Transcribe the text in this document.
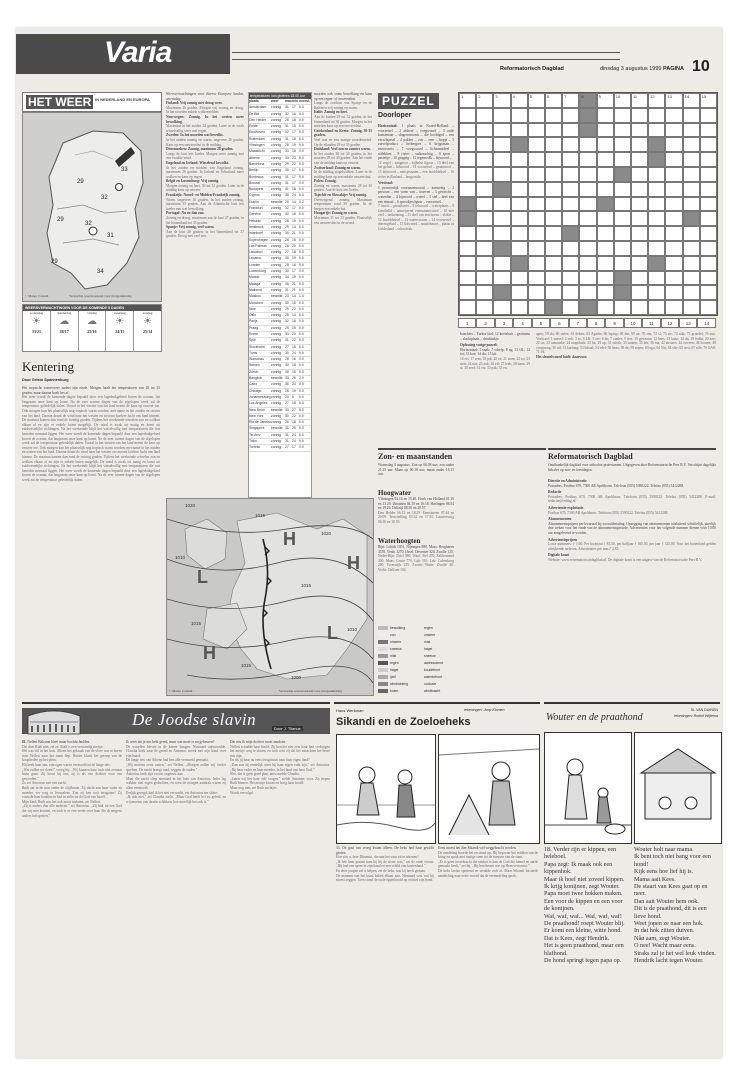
Varia	Reformatorisch Dagblad	dinsdag 3 augustus 1999 PAGINA 10
HET WEER IN NEDERLAND EN EUROPA
33
32
29
29
32
31
34
29
© Meteo Consult	Verwachte weerstoestand voor morgenmiddag
WEERSVERWACHTINGEN VOOR DE KOMENDE 5 DAGEN
woensdag
☀
33/21
donderdag
☁
28/17
vrijdag
☁
25/16
zaterdag
☀
24/15
zondag
☀
25/14
Kentering
Door Gristo Spannenburg
Het tropische zomerweer nadert zijn einde. Morgen haalt het temperaturen van 28 tot 33 graden, maar daarna koelt het af.
Het weer wordt de komende dagen bepaald door een lagedrukgebied boven de oceaan, dat langzaam onze kant op komt. Na de zeer warme dagen van de afgelopen week zal de temperatuur geleidelijk dalen. Vooral in het westen van het land neemt de kans op onweer toe. Ook morgen kan het plaatselijk nog tropisch warm worden, met name in het zuiden en oosten van het land. Daarna draait de wind naar het westen en stroomt koelere lucht ons land binnen. De maxima komen dan rond de twintig graden. Tijdens het weekeinde wisselen zon en wolken elkaar af en zijn er enkele buien mogelijk. De wind is zwak tot matig en komt uit zuidwestelijke richtingen. Na het weekeinde blijft het wisselvallig met temperaturen die wat beneden normaal liggen. Het weer wordt de komende dagen bepaald door een lagedrukgebied boven de oceaan, dat langzaam onze kant op komt. Na de zeer warme dagen van de afgelopen week zal de temperatuur geleidelijk dalen. Vooral in het westen van het land neemt de kans op onweer toe. Ook morgen kan het plaatselijk nog tropisch warm worden, met name in het zuiden en oosten van het land. Daarna draait de wind naar het westen en stroomt koelere lucht ons land binnen. De maxima komen dan rond de twintig graden. Tijdens het weekeinde wisselen zon en wolken elkaar af en zijn er enkele buien mogelijk. De wind is zwak tot matig en komt uit zuidwestelijke richtingen. Na het weekeinde blijft het wisselvallig met temperaturen die wat beneden normaal liggen. Het weer wordt de komende dagen bepaald door een lagedrukgebied boven de oceaan, dat langzaam onze kant op komt. Na de zeer warme dagen van de afgelopen week zal de temperatuur geleidelijk dalen.
Weersverwachtingen voor diverse Europese landen, woensdag
Finland: Vrij zonnig met droog weer.
Maximum 26 graden. Morgen vrij zonnig en droog. In het noorden enkele wolkenvelden.
Noorwegen: Zonnig. In het westen meer bewolking.
Maximum in het zuiden 24 graden. Later in de week wisselvallig weer met regen.
Zweden: In het noorden wat bewolkt.
In het zuiden zonnig en warm, ongeveer 26 graden. Kans op een onweersbui in de middag.
Denemarken: Zonnig, maximum 28 graden.
Langs de kust iets koeler. Morgen weer zonnig met een zwakke wind.
Engeland en Ierland: Wisselend bewolkt.
In het zuiden en midden van Engeland zonnig, maximum 26 graden. In Ierland en Schotland meer wolken en kans op regen.
België en Luxemburg: Vrij zonnig.
Morgen zonnig en heet, 30 tot 32 graden. Later in de middag kans op onweer.
Frankrijk: Noord- en Midden-Frankrijk zonnig.
Warm, ongeveer 30 graden. In het zuiden zonnig, maximum 35 graden. Aan de Atlantische kust iets koeler met wat bewolking.
Portugal: Nu en dan zon.
Zonnig en droog, maximum aan de kust 27 graden, in het binnenland tot 35 graden.
Spanje: Vrij zonnig, veel warm.
Aan de kust 28 graden, in het binnenland tot 37 graden. Droog met veel zon.
temperaturen van gisteren 18.00 uur
plaats	weer	max min neersl.
Amsterdam	zonnig	31 17 0.0
De Bilt	zonnig	32 16 0.0
Den Helder	zonnig	28 18 0.0
Eelde	zonnig	31 15 0.0
Eindhoven	zonnig	32 17 0.0
Rotterdam	zonnig	31 18 0.0
Vlissingen	zonnig	28 19 0.0
Maastricht	zonnig	33 18 0.0
Athene	zonnig	33 23 0.0
Barcelona	zonnig	29 22 0.0
Berlijn	zonnig	30 17 0.0
Bordeaux	zonnig	31 17 0.0
Brussel	zonnig	31 17 0.0
Budapest	zonnig	31 18 0.0
Cyprus	zonnig	35 24 0.0
Dublin	bewolkt 20 14 0.2
Frankfurt	zonnig	32 17 0.0
Genève	zonnig	30 16 0.0
Helsinki	zonnig	26 15 0.0
Innsbruck	zonnig	29 14 0.0
Istanboel	zonnig	30 21 0.0
Kopenhagen zonnig	26 16 0.0
Las Palmas	zonnig	26 20 0.0
Lissabon	zonnig	27 18 0.0
Locarno	zonnig	30 19 0.0
Londen	zonnig	28 16 0.0
Luxemburg	zonnig	30 17 0.0
Madrid	zonnig	34 19 0.0
Malaga	zonnig	30 21 0.0
Mallorca	zonnig	31 21 0.0
Moskou	bewolkt 23 14 1.0
München	zonnig	30 15 0.0
Nice	zonnig	29 22 0.0
Oslo	zonnig	25 14 0.0
Parijs	zonnig	32 18 0.0
Praag	zonnig	29 15 0.0
Rome	zonnig	33 20 0.0
Split	zonnig	31 22 0.0
Stockholm	zonnig	27 15 0.0
Tunis	zonnig	35 24 0.0
Warschau	zonnig	28 16 0.0
Wenen	zonnig	30 18 0.0
Zürich	zonnig	30 16 0.0
Bangkok	bewolkt 33 26 2.0
Cairo	zonnig	36 24 0.0
Chicago	zonnig	28 19 0.0
Johannesburg zonnig	20 6	0.0
Los Angeles	zonnig	27 18 0.0
New Delhi	bewolkt 33 27 5.0
New York	zonnig	30 22 0.0
Rio de Janeiro zonnig	26 18 0.0
Singapore	bewolkt 31 25 0.0
Tel Aviv	zonnig	31 24 0.0
Tokio	zonnig	31 24 0.0
Toronto	zonnig	27 17 0.0
noorden ook soms bewolking en kans op een regen- of onweersbui.
Langs de oostkust van Spanje en de Balearen vrij zonnig en warm.
Italië: Zonnig en heet.
Aan de kusten 29 tot 32 graden, in het binnenland tot 36 graden. Morgen in het noorden kans op een onweersbui.
Griekenland en Kreta: Zonnig, 30-35 graden.
Veel zon en een matige noordenwind. Op de eilanden 29 tot 33 graden.
Duitsland: Veel zon en zomers warm.
In het zuiden 30 tot 34 graden, in het noorden 28 tot 30 graden. Aan het einde van de middag kans op onweer.
Zwitserland: Zonnig en warm.
In de middag stapelwolken. Later in de middag kans op een enkele onweersbui.
Polen: Zonnig.
Zonnig en warm, maximum 28 tot 30 graden. Aan de kust iets koeler.
Tsjechië en Slowakije: Vrij zonnig.
Overwegend zonnig. Maximum temperatuur rond 30 graden. In de bergen een enkele bui.
Hongarije: Zonnig en warm.
Maximum 31 tot 33 graden. Plaatselijk een onweersbui in de avond.
H
L
H
L
H
1020
1015
1010
1015
1020
1015
1010
1015
1000
© Meteo Consult	Verwachte weerstoestand voor morgenmiddag
PUZZEL
Doorloper
Horizontaal: 1 plaats in Noord-Holland – voorzetsel – 2 afdreef – voegwoord – 3 oude kunstenaar – slagroomwerk – die hoofdgod – een verschijnsel – 4 pakket – zoo – zeer – kopje – 5 zuivelproduct – herbergier – 6 krijgsman – enzovoorts – 7 voegwoord – lichaamsdeel – uitlekken – 8 rivier – suikerachtig – 9 sport – pasteitje – 10 grappig – 11 regenwolk – bijwoord...
12 vogel – zangnoot – bijbelse figuur – 13 deel van het gelaat – lidwoord – 14 voorzetsel – graansoort – 15 bijwoord – meisjesnaam – een hoofddeksel – 16 rivier in Rusland – bergweide.
Verticaal:
1 persoonlijk voornaamwoord – aanwezig – 2 persoon – een vorm van – troeven – 3 gewricht – waterdier – 4 bijwoord – wreed – 5 stel – deel van een etmaal – 6 sprookjesfiguur – voorzetsel...
7 insect – grondsoort – 8 telwoord – waterplaats – 9 familielid – aanwijzend voornaamwoord – 10 niet veel – ontkenning – 11 deel van een boom – vlakte – 12 hoofddeksel – 13 waterstroom – 14 voorzetsel – dierengeluid – 15 lidwoord – muzieknoot – plaats in Gelderland – schoolvak.
1	2	3	4	5	6	7	8	9	10	11	12	13	14	15
1	2	3	4	5	6	7	8	9	10	11	12	13	14
konchets – Turkse titel; 12 koetshuis – gezinnen – slachtplaats – drinkbakje.
Oplossing vorige puzzel:
Horizontaal: 1 snak; 7 schelp; 8 eg; 11 OL; 12 tot; 13 koe; 14 dis; 15 kit.
16 eis; 17 rem; 18 pal; 20 os; 21 stam; 22 zo; 23 sten; 24 uur; 25 aak; 26 elf; 27 leek; 28 haan; 29 si; 30 zeef; 31 ets; 32 pak; 33 en.
apen; 59 do; 60 oolee; 61 deken; 63 Agathe; 66 laptop; 68 the; 69 an; 70 ren; 72 sl; 73 ste; 74 nikt; 75 grondel; 76 sste. Verticaal: 1 snavel; 2 nok; 3 ro; 4 LK; 5 oer; 6 do; 7 cinder; 9 tros; 10 gewezen; 12 hens; 13 kano; 14 du; 19 fedha; 20 arte; 22 on; 23 tamanske; 24 mapsbuik; 25 ba; 29 op; 31 saloth; 33 zaaien; 35 leb; 36 ma; 42 akstavs; 44 eriveen; 46 loonen; 48 oorsprong; 50 nil; 51 karlong; 53 lokaal; 54 edel; 56 beaa; 58 de; 59 sepen; 60 ego; 62 Nir; 64 vlie; 65 treu; 67 nile; 70 OAS; 71 IA.
Het sleutelwoord luidt: daarvoor.
Zon- en maanstanden
Woensdag 4 augustus. Zon op 06.08 uur; zon onder 21.25 uur. Maan op 00.18 uur; maan onder 16.15 uur.
Hoogwater
Vlissingen 03.14 en 15.40. Hoek van Holland 01.16 en 13.29. IJmuiden 04.10 en 16.18. Harlingen 06.54 en 19.26. Delfzijl 08.30 en 20.57.
Den Helder 06.13 en 18.29. Eemshaven 07.44 en 20.09. Terschelling 05.32 en 17.55. Lauwersoog 06.36 en 18.59.
Waterhoogten
Rijn: Lobith 1051, Nijmegen 880. Maas: Borgharen 4370, Venlo 1270. IJssel: Deventer 320, Zwolle 125.
Neder-Rijn: Driel 980. Waal: Tiel 470, Zaltbommel 300. Maas: Grave 770, Lith 310. Lek: Culemborg 280, Vreeswijk 235. Zwarte Water: Zwolle 40. Vecht: Dalfsen 104.
bewolking	regen
zon	onweer
onweer	mist
sneeuw	hagel
mist	sneeuw
regen	aanhoudend
hagel	koudefront
ijzel	warmtefront
windrichting	occlusie
buien	windkracht
Reformatorisch Dagblad
Onafhankelijk dagblad voor orthodox-protestanten. Uitgegeven door Reformatorische Pers B.V. Verschijnt dagelijks behalve op zon- en feestdagen.
Directie en Administratie
Postadres: Postbus 670, 7300 AR Apeldoorn. Telefoon (055) 5390222. Telefax (055) 5412288.
Redactie
Postadres: Postbus 670, 7300 AR Apeldoorn. Telefoon (055) 5390222. Telefax (055) 5412288. E-mail: redactie@refdag.nl
Advertentie-exploitatie
Postbus 670, 7300 AR Apeldoorn. Telefoon (055) 5390222. Telefax (055) 5412288.
Abonnementen
Abonnementsprijzen per kwartaal bij vooruitbetaling. Opzegging van abonnementen uitsluitend schriftelijk, uiterlijk drie weken voor het einde van de abonnementsperiode. Advertenties voor het volgende nummer dienen vóór 10.00 uur aangeleverd te worden.
Advertentieprijzen
Losse nummers: ƒ 1,60. Per kwartaal ƒ 83,50, per halfjaar ƒ 165,50, per jaar ƒ 325,00. Voor het buitenland gelden afwijkende tarieven. Advertenties per mm ƒ 2,85.
Digitale krant
Website: www.reformatorischdagblad.nl. De digitale krant is een uitgave van de Reformatorische Pers B.V.
De Joodse slavin	Door J. Tilanus
81. Nelleri Balonne bleef maar hoofdschudden.
Dat doet Ruth niet, zei ze. Ruth is een verstandig meisje.
Het was stil in het huis. Alleen het gekraak van de vloer was te horen toen Nelleri naar het raam liep. Buiten klonk het geroep van de kooplieden op het plein.
Hij keek haar aan, zijn ogen waren vermoeid na de lange reis.
„Wat zullen we doen?" vroeg hij. „Wij kunnen haar toch niet zomaar laten gaan. Zij hoort bij ons, zij is als een dochter voor ons geworden."
Zo zei Antonius met een zucht.
Ruth zat in de tuin onder de olijfboom. Zij dacht aan haar vader en moeder, ver weg in Jeruzalem. Zou zij hen ooit terugzien? Zij vouwde haar handen en bad in stilte tot de God van Israël.
Mijn kind, Ruth zou het ook nooit toelaten, zei Nelleri.
„Zij is anders dan alle anderen," zei Antonius. „Zij bidt tot een God die wij niet kennen, en toch is er een vrede over haar die ik nergens anders heb gezien."
Ik weet dat je ons hebt gered, maar wat moet er nu gebeuren?
De woorden bleven in de kamer hangen. Niemand antwoordde. Claudia keek naar de grond en Antonius streek met zijn hand over zijn baard.
De lange reis van Athene had hen alle vermoeid gemaakt.
„Wij moeten eerst rusten," zei Nelleri. „Morgen zullen wij verder spreken. De nacht brengt raad, zeggen de ouden."
Antonius keek zijn vrouw ongerust aan.
Maar die nacht sliep niemand in het huis van Antonius. Ieder lag wakker met eigen gedachten, en toen de morgen aanbrak waren zij allen vermoeid.
Eerlijk gezegd, had ik het niet verwacht, zei Antonius ten slotte.
„Ik ook niet," zei Claudia zacht. „Maar God heeft het zo geleid, en wij moeten ons daarin schikken, hoe moeilijk het ook is."
Dat zou ik mijn dochter nooit aandoen.
Nelleri schudde haar hoofd. Zij kon het niet over haar hart verkrijgen het meisje weg te sturen, en toch wist zij dat het misschien het beste zou zijn.
En als jij haar nu eens terugstuurt naar haar eigen land?
„Dan zou zij eindelijk weer bij haar eigen volk zijn," zei Antonius. „Bij haar vader en haar moeder, in het land van haar God."
Nee, dat is geen goed plan, antwoordde Claudia.
„Laten wij het haar zelf vragen," stelde Antonius voor. Zij riepen Ruth binnen. Het meisje kwam en boog haar hoofd.
Maar nog niet, zei Ruth zachtjes.
Wordt vervolgd.
Hans Werkman	tekeningen: Joop Klomen
Sikandi en de Zoeloeheks
33. De gast van vroeg kwam alleen. De heks had haar gezicht gezien.
Hoe ziet u, heer Dhamini, die aan het vuur zit te tekenen?
„Ik heb hem gezien toen hij bij de rivier was," zei de oude vrouw. „Hij had een speer in zijn hand en een schild van koeienhuid."
En deze jongen zal u helpen, zei de heks, wat hij heeft gedaan.
De mannen van het kraal keken elkaar aan. Niemand wist wat hij moest zeggen. Toen stond de oude opperhoofd op en hief zijn hand.
Eerst moest het dier Sikandi wel weggebracht worden.
De zendeling hoorde het en stond op. Hij liep naar het midden van de kring en sprak met rustige stem tot de mensen van de stam.
„Er is geen toverkracht die sterker is dan de God die hemel en aarde gemaakt heeft," zei hij. „Hij beschermt wie op Hem vertrouwt."
De heks lachte spottend en wendde zich af. Maar Sikandi luisterde aandachtig naar ieder woord dat de vreemdeling sprak.
Wouter en de praathond
SI. VAN DUINEN
tekeningen: Roelof Wijtema
18. Verder rijn er kippen, een heleboel.
Papa zegt: Ik maak ook een kippenhok.
Maar ik hoef niet zoveel kippen.
Ik krijg konijnen, zegt Wouter.
Papa moet twee hokken maken.
Een voor de kippen en een voor de konijnen.
Waf, waf, waf... Waf, waf, waf!
De praathond! roept Wouter blij.
Er komt een kleine, witte hond.
Dat is Kees, zegt Hendrik.
Het is geen praathond, maar een blafhond.
De hond springt tegen papa op.
Wouter holt naar mama.
Ik bent toch niet bang voor een hond!
Kijk eens hoe lief hij is.
Mama aait Kees.
De staart van Kees gaat op en neer.
Dan aait Wouter hem ook.
Dit is de praathond, dit is een lieve hond.
Weet jopen ze naar een hok.
In dat hok zitten duiven.
Nåø aam, zegt Wouter.
O nee! Wacht maar eens.
Straks zal je het wel leuk vinden.
Hendrik lacht tegen Wouter.
